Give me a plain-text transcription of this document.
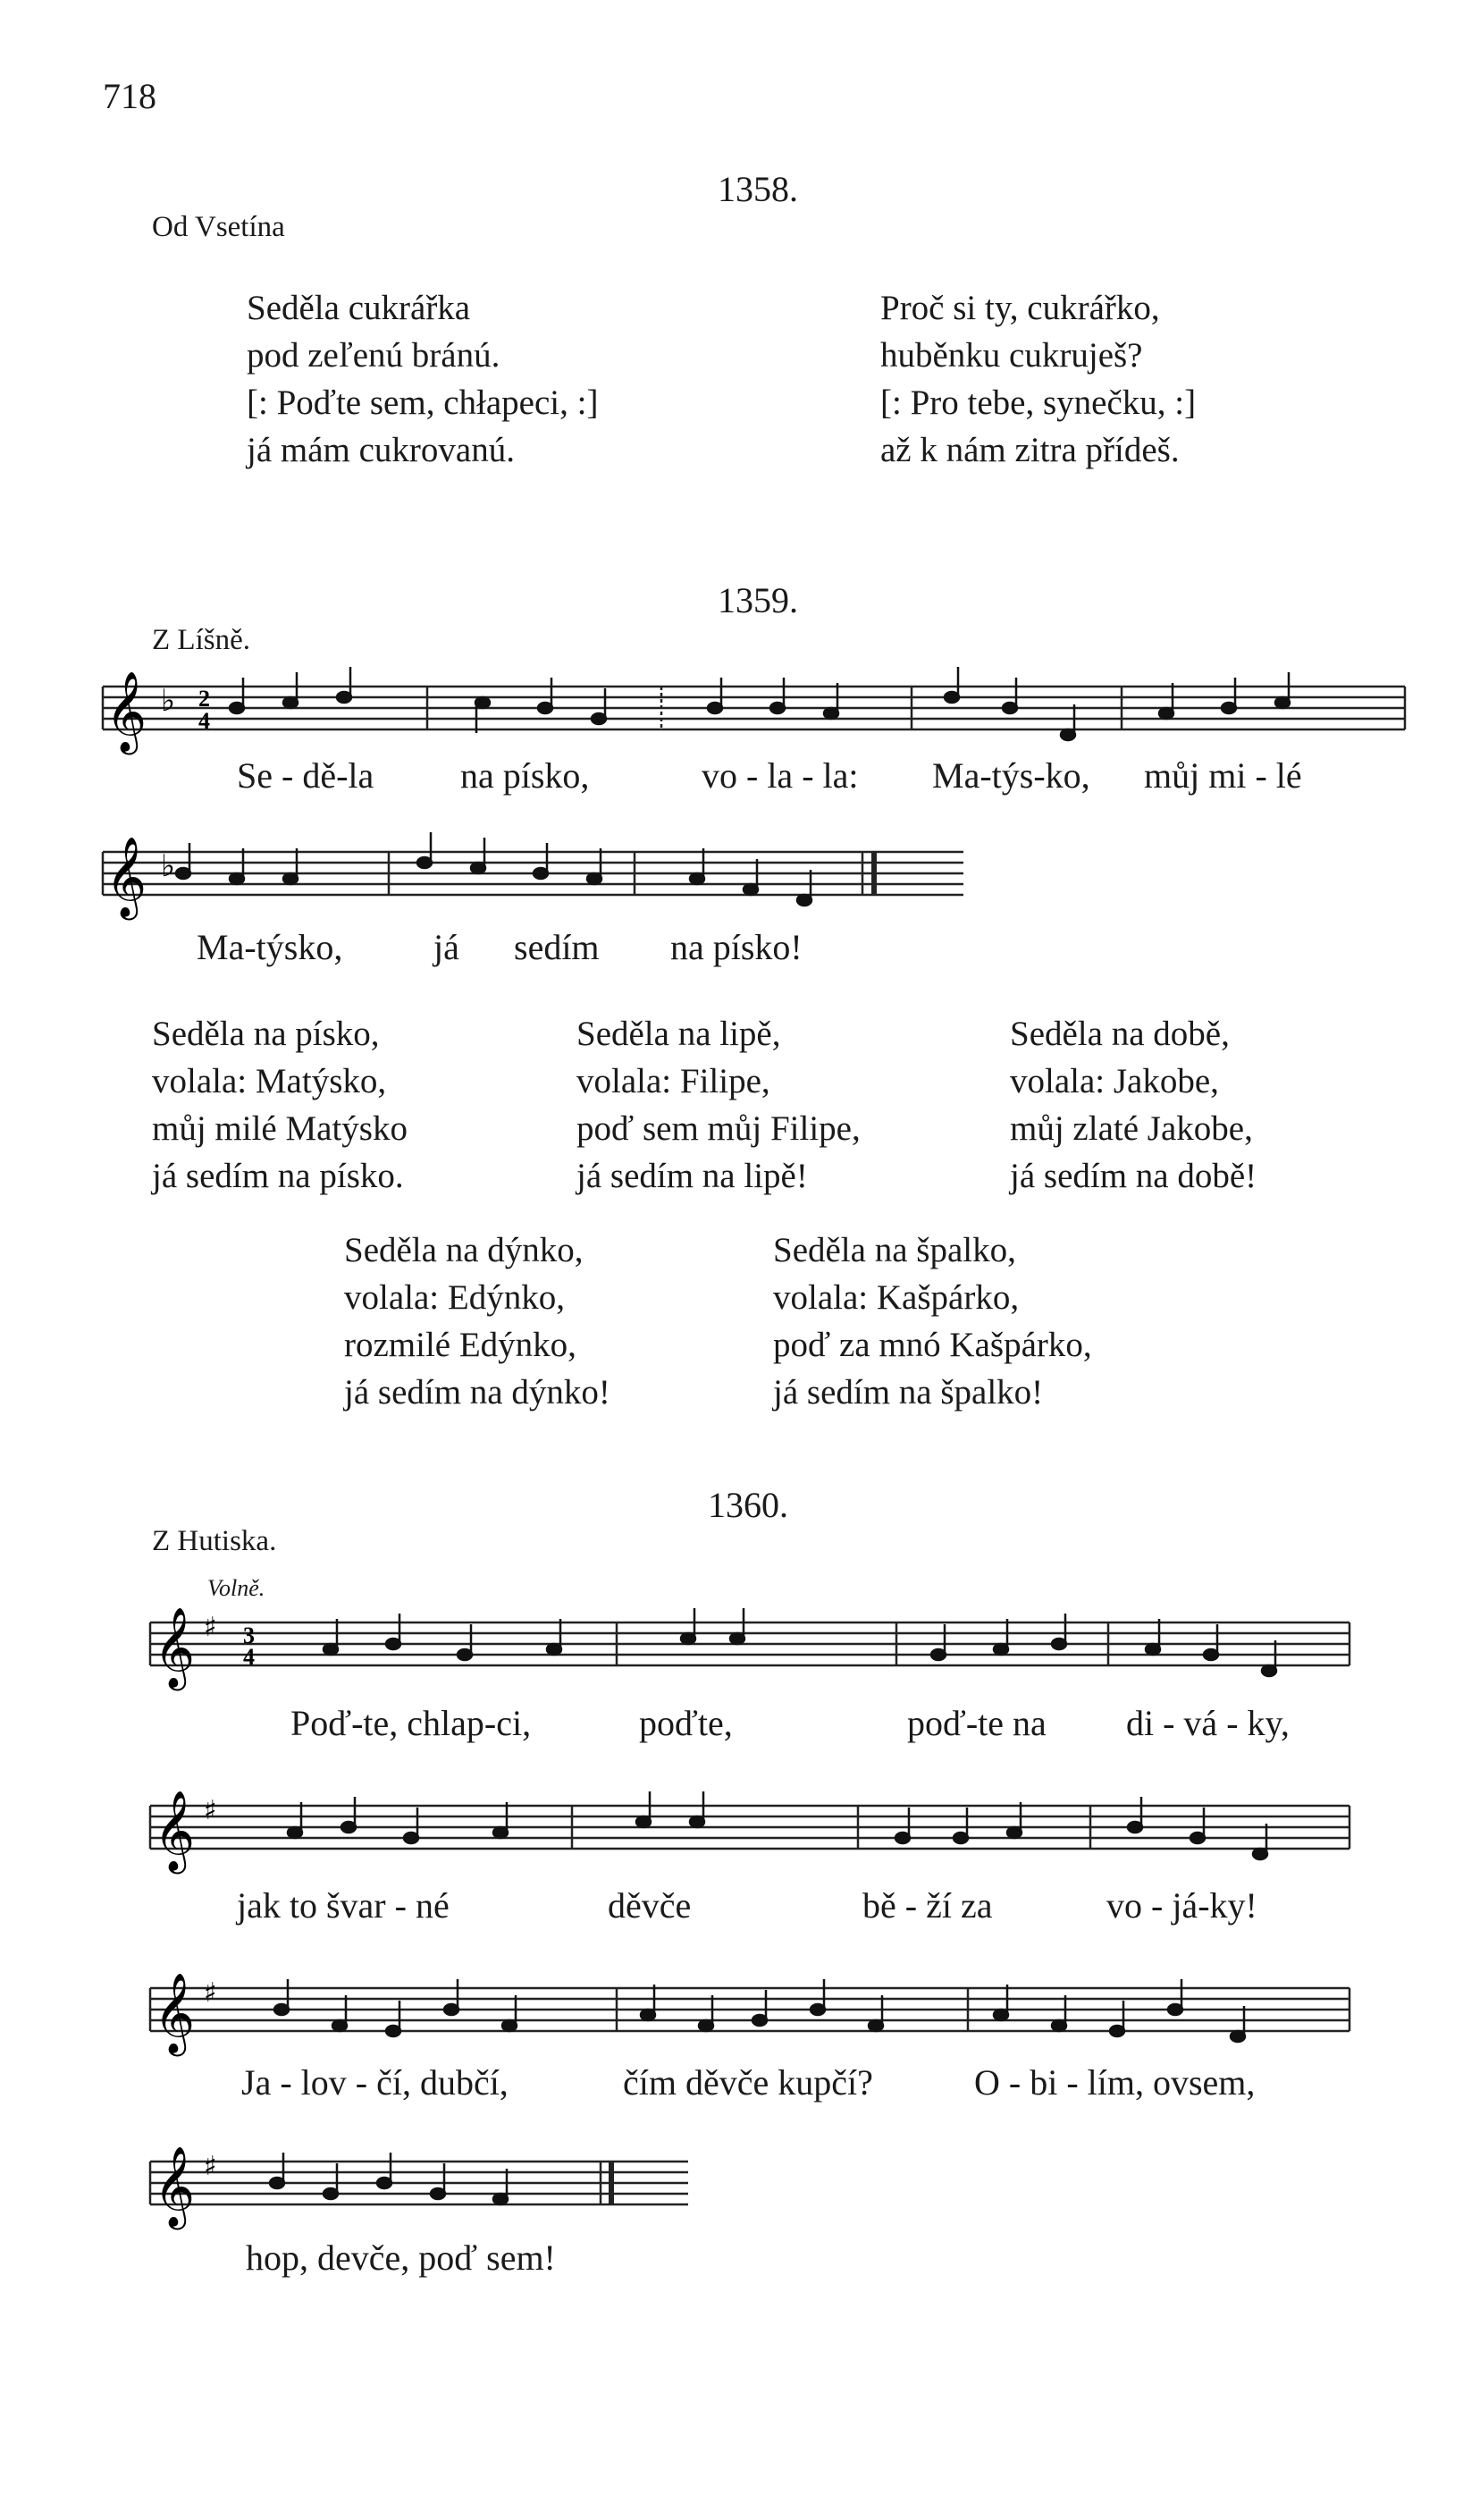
718
1358.
Od Vsetína
Seděla cukrářka
pod zeľenú bránú.
[: Poďte sem, chłapeci, :]
já mám cukrovanú.
Proč si ty, cukrářko,
huběnku cukruješ?
[: Pro tebe, synečku, :]
až k nám zitra přídeš.
1359.
Z Líšně.
𝄞
𝄞
♭
♭
2
4
Se - dě-la na písko,	vo - la - la: Ma-týs-ko, můj mi - lé
Ma-týsko,	já sedím na písko!
Seděla na písko,
volala: Matýsko,
můj milé Matýsko
já sedím na písko.
Seděla na lipě,
volala: Filipe,
poď sem můj Filipe,
já sedím na lipě!
Seděla na době,
volala: Jakobe,
můj zlaté Jakobe,
já sedím na době!
Seděla na dýnko,
volala: Edýnko,
rozmilé Edýnko,
já sedím na dýnko!
Seděla na špalko,
volala: Kašpárko,
poď za mnó Kašpárko,
já sedím na špalko!
1360.
Z Hutiska.
Volně.
𝄞
𝄞
𝄞
𝄞
♯
♯
♯
♯
3
4
Poď-te, chlap-ci,	poďte,	poď-te na di - vá - ky,
jak to švar - né	děvče	bě - ží za	vo - já-ky!
Ja - lov - čí, dubčí,	čím děvče kupčí?	O - bi - lím, ovsem,
hop, devče, poď sem!
